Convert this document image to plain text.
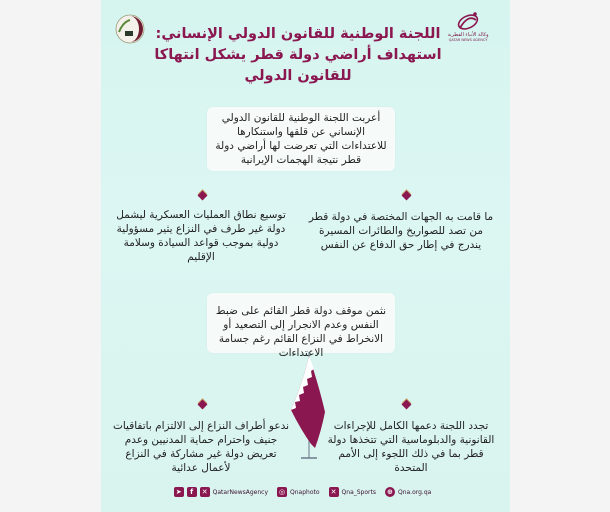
وكالة الأنباء القطرية
QATAR NEWS AGENCY
اللجنة الوطنية للقانون الدولي الإنساني: استهداف أراضي دولة قطر يشكل انتهاكا للقانون الدولي
أعربت اللجنة الوطنية للقانون الدولي الإنساني عن قلقها واستنكارها للاعتداءات التي تعرضت لها أراضي دولة قطر نتيجة الهجمات الإيرانية
ما قامت به الجهات المختصة في دولة قطر من تصد للصواريخ والطائرات المسيرة يندرج في إطار حق الدفاع عن النفس
توسيع نطاق العمليات العسكرية ليشمل دولة غير طرف في النزاع يثير مسؤولية دولية بموجب قواعد السيادة وسلامة الإقليم
نثمن موقف دولة قطر القائم على ضبط النفس وعدم الانجرار إلى التصعيد أو الانخراط في النزاع القائم رغم جسامة الاعتداءات
ندعو أطراف النزاع إلى الالتزام باتفاقيات جنيف واحترام حماية المدنيين وعدم تعريض دولة غير مشاركة في النزاع لأعمال عدائية
تجدد اللجنة دعمها الكامل للإجراءات القانونية والدبلوماسية التي تتخذها دولة قطر بما في ذلك اللجوء إلى الأمم المتحدة
➤	f	✕ QatarNewsAgency ◎ Qnaphoto ✕ Qna_Sports ⊕ Qna.org.qa
